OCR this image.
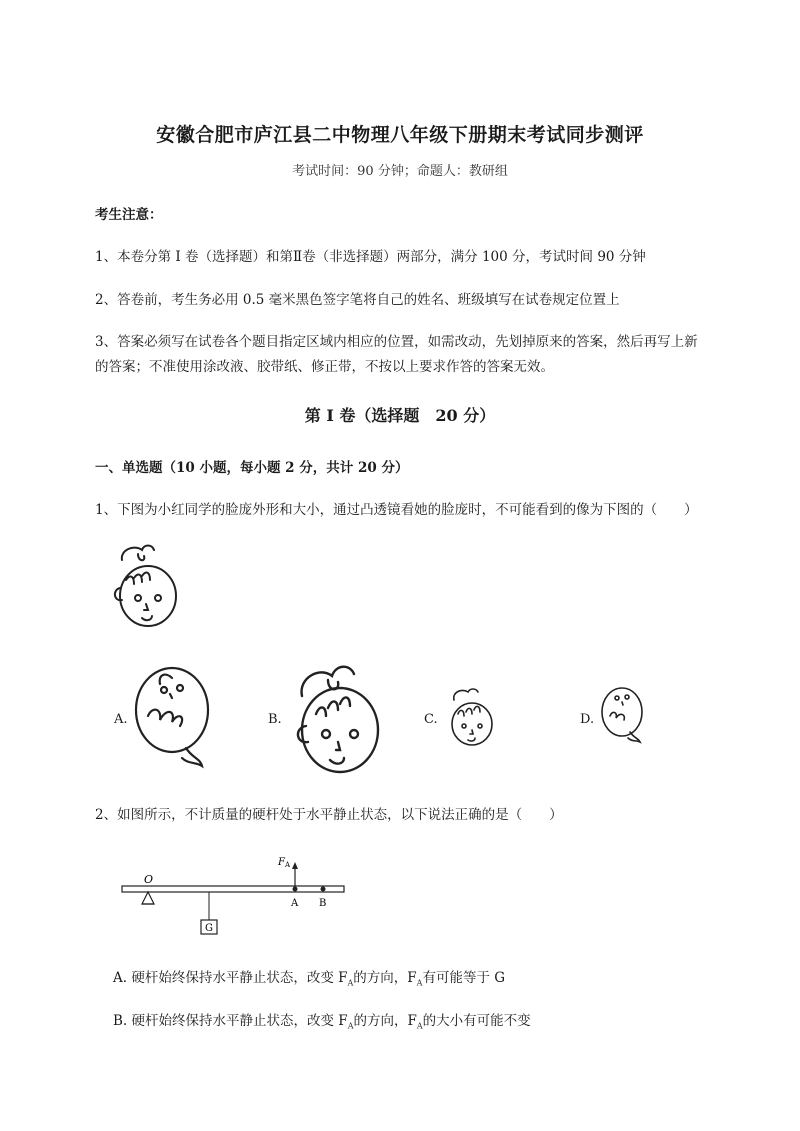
安徽合肥市庐江县二中物理八年级下册期末考试同步测评
考试时间：90 分钟；命题人：教研组
考生注意：
1、本卷分第 I 卷（选择题）和第Ⅱ卷（非选择题）两部分，满分 100 分，考试时间 90 分钟
2、答卷前，考生务必用 0.5 毫米黑色签字笔将自己的姓名、班级填写在试卷规定位置上
3、答案必须写在试卷各个题目指定区域内相应的位置，如需改动，先划掉原来的答案，然后再写上新
的答案；不准使用涂改液、胶带纸、修正带，不按以上要求作答的答案无效。
第 I 卷（选择题　20 分）
一、单选题（10 小题，每小题 2 分，共计 20 分）
1、下图为小红同学的脸庞外形和大小，通过凸透镜看她的脸庞时，不可能看到的像为下图的（　　）
A.	B.	C.	D.
2、如图所示，不计质量的硬杆处于水平静止状态，以下说法正确的是（　　）
O
G
F A
A B
A. 硬杆始终保持水平静止状态，改变 $F_A$的方向，$F_A$有可能等于 G
B. 硬杆始终保持水平静止状态，改变 $F_A$的方向，$F_A$的大小有可能不变
